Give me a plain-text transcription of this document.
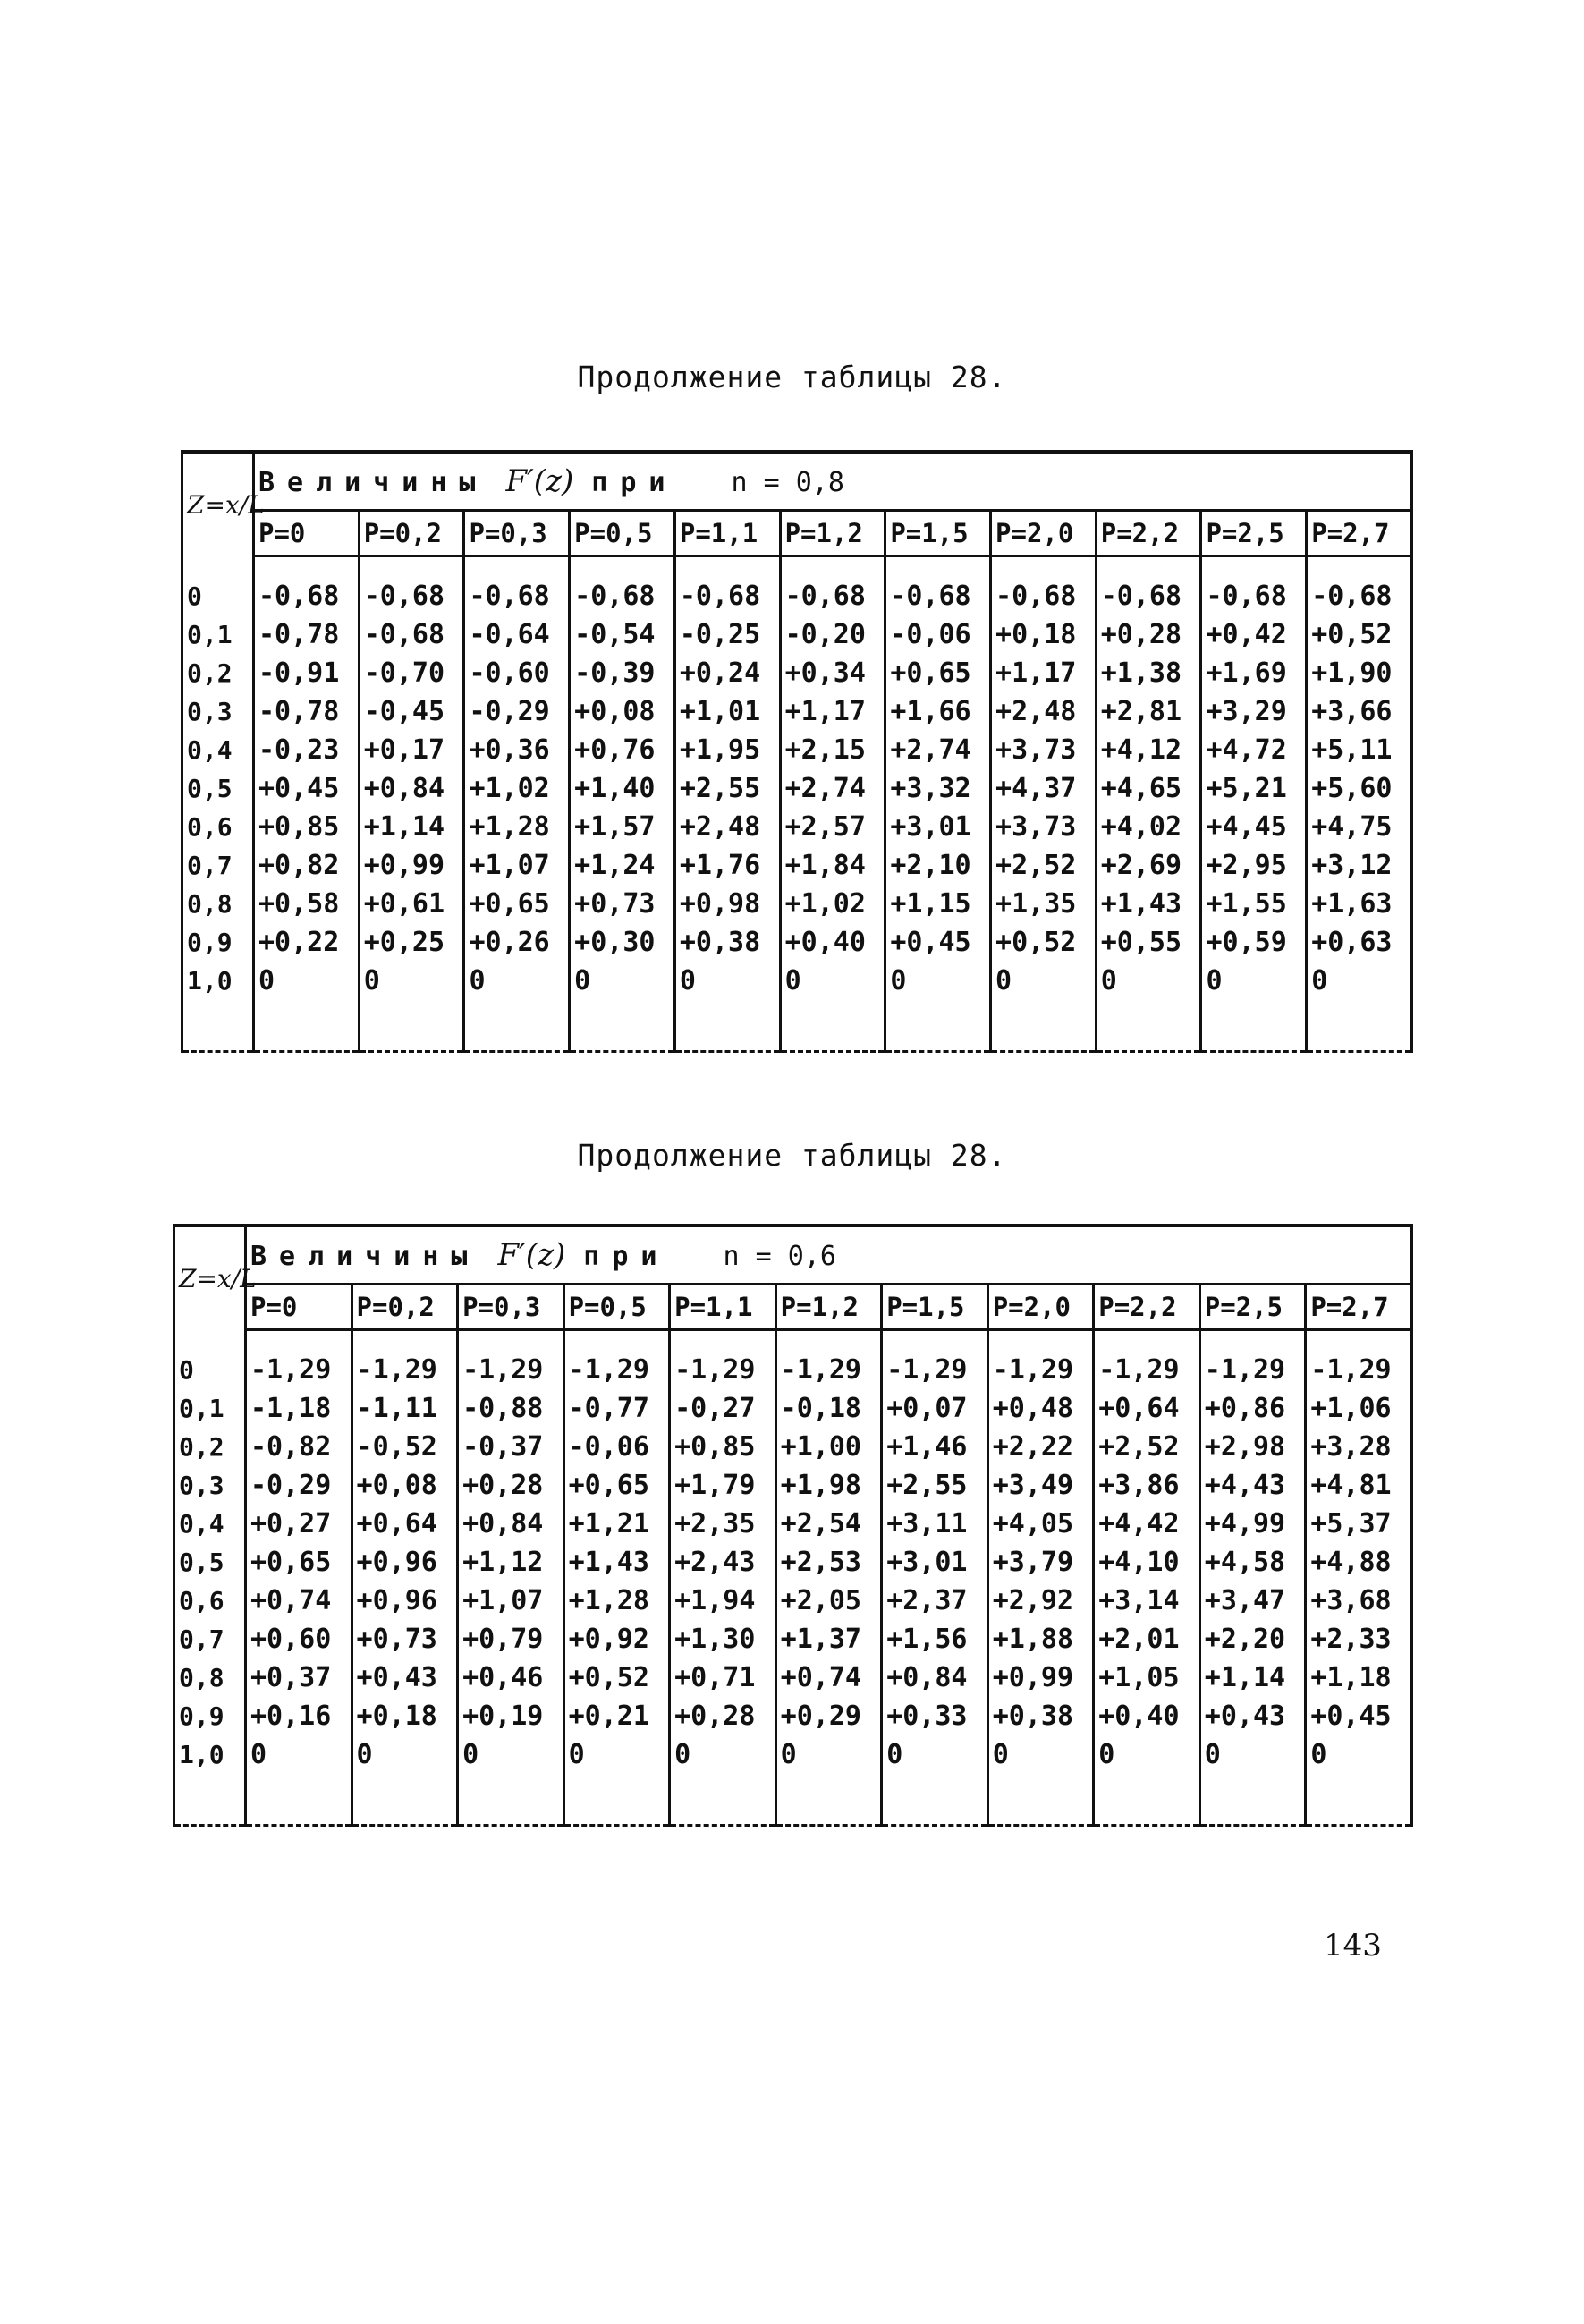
Продолжение таблицы 28.
Z=x/L	Величины F′(z) при n = 0,8										
	P=0	P=0,2	P=0,3	P=0,5	P=1,1	P=1,2	P=1,5	P=2,0	P=2,2	P=2,5	P=2,7

0	-0,68	-0,68	-0,68	-0,68	-0,68	-0,68	-0,68	-0,68	-0,68	-0,68	-0,68
0,1	-0,78	-0,68	-0,64	-0,54	-0,25	-0,20	-0,06	+0,18	+0,28	+0,42	+0,52
0,2	-0,91	-0,70	-0,60	-0,39	+0,24	+0,34	+0,65	+1,17	+1,38	+1,69	+1,90
0,3	-0,78	-0,45	-0,29	+0,08	+1,01	+1,17	+1,66	+2,48	+2,81	+3,29	+3,66
0,4	-0,23	+0,17	+0,36	+0,76	+1,95	+2,15	+2,74	+3,73	+4,12	+4,72	+5,11
0,5	+0,45	+0,84	+1,02	+1,40	+2,55	+2,74	+3,32	+4,37	+4,65	+5,21	+5,60
0,6	+0,85	+1,14	+1,28	+1,57	+2,48	+2,57	+3,01	+3,73	+4,02	+4,45	+4,75
0,7	+0,82	+0,99	+1,07	+1,24	+1,76	+1,84	+2,10	+2,52	+2,69	+2,95	+3,12
0,8	+0,58	+0,61	+0,65	+0,73	+0,98	+1,02	+1,15	+1,35	+1,43	+1,55	+1,63
0,9	+0,22	+0,25	+0,26	+0,30	+0,38	+0,40	+0,45	+0,52	+0,55	+0,59	+0,63
1,0	0	0	0	0	0	0	0	0	0	0	0

Продолжение таблицы 28.
Z=x/L	Величины F′(z) при n = 0,6										
	P=0	P=0,2	P=0,3	P=0,5	P=1,1	P=1,2	P=1,5	P=2,0	P=2,2	P=2,5	P=2,7

0	-1,29	-1,29	-1,29	-1,29	-1,29	-1,29	-1,29	-1,29	-1,29	-1,29	-1,29
0,1	-1,18	-1,11	-0,88	-0,77	-0,27	-0,18	+0,07	+0,48	+0,64	+0,86	+1,06
0,2	-0,82	-0,52	-0,37	-0,06	+0,85	+1,00	+1,46	+2,22	+2,52	+2,98	+3,28
0,3	-0,29	+0,08	+0,28	+0,65	+1,79	+1,98	+2,55	+3,49	+3,86	+4,43	+4,81
0,4	+0,27	+0,64	+0,84	+1,21	+2,35	+2,54	+3,11	+4,05	+4,42	+4,99	+5,37
0,5	+0,65	+0,96	+1,12	+1,43	+2,43	+2,53	+3,01	+3,79	+4,10	+4,58	+4,88
0,6	+0,74	+0,96	+1,07	+1,28	+1,94	+2,05	+2,37	+2,92	+3,14	+3,47	+3,68
0,7	+0,60	+0,73	+0,79	+0,92	+1,30	+1,37	+1,56	+1,88	+2,01	+2,20	+2,33
0,8	+0,37	+0,43	+0,46	+0,52	+0,71	+0,74	+0,84	+0,99	+1,05	+1,14	+1,18
0,9	+0,16	+0,18	+0,19	+0,21	+0,28	+0,29	+0,33	+0,38	+0,40	+0,43	+0,45
1,0	0	0	0	0	0	0	0	0	0	0	0

143
